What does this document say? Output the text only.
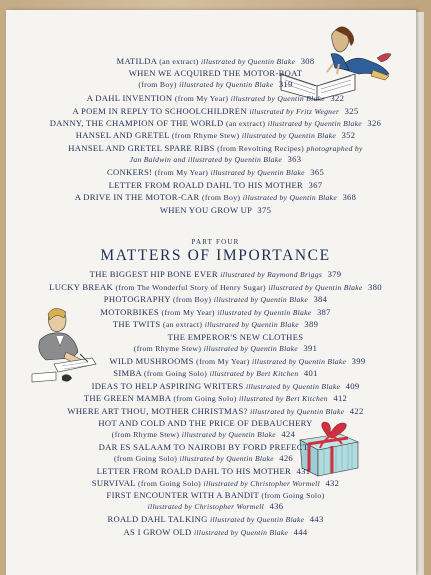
MATILDA (an extract) illustrated by Quentin Blake 308
WHEN WE ACQUIRED THE MOTOR-BOAT
(from Boy) illustrated by Quentin Blake 319
A DAHL INVENTION (from My Year) illustrated by Quentin Blake 322
A POEM IN REPLY TO SCHOOLCHILDREN illustrated by Fritz Wegner 325
DANNY, THE CHAMPION OF THE WORLD (an extract) illustrated by Quentin Blake 326
HANSEL AND GRETEL (from Rhyme Stew) illustrated by Quentin Blake 352
HANSEL AND GRETEL SPARE RIBS (from Revolting Recipes) photographed by
Jan Baldwin and illustrated by Quentin Blake 363
CONKERS! (from My Year) illustrated by Quentin Blake 365
LETTER FROM ROALD DAHL TO HIS MOTHER 367
A DRIVE IN THE MOTOR-CAR (from Boy) illustrated by Quentin Blake 368
WHEN YOU GROW UP 375
PART FOUR
MATTERS OF IMPORTANCE
THE BIGGEST HIP BONE EVER illustrated by Raymond Briggs 379
LUCKY BREAK (from The Wonderful Story of Henry Sugar) illustrated by Quentin Blake 380
PHOTOGRAPHY (from Boy) illustrated by Quentin Blake 384
MOTORBIKES (from My Year) illustrated by Quentin Blake 387
THE TWITS (an extract) illustrated by Quentin Blake 389
THE EMPEROR'S NEW CLOTHES
(from Rhyme Stew) illustrated by Quentin Blake 391
WILD MUSHROOMS (from My Year) illustrated by Quentin Blake 399
SIMBA (from Going Solo) illustrated by Bert Kitchen 401
IDEAS TO HELP ASPIRING WRITERS illustrated by Quentin Blake 409
THE GREEN MAMBA (from Going Solo) illustrated by Bert Kitchen 412
WHERE ART THOU, MOTHER CHRISTMAS? illustrated by Quentin Blake 422
HOT AND COLD AND THE PRICE OF DEBAUCHERY
(from Rhyme Stew) illustrated by Quentin Blake 424
DAR ES SALAAM TO NAIROBI BY FORD PREFECT
(from Going Solo) illustrated by Quentin Blake 426
LETTER FROM ROALD DAHL TO HIS MOTHER 431
SURVIVAL (from Going Solo) illustrated by Christopher Wormell 432
FIRST ENCOUNTER WITH A BANDIT (from Going Solo)
illustrated by Christopher Wormell 436
ROALD DAHL TALKING illustrated by Quentin Blake 443
AS I GROW OLD illustrated by Quentin Blake 444
